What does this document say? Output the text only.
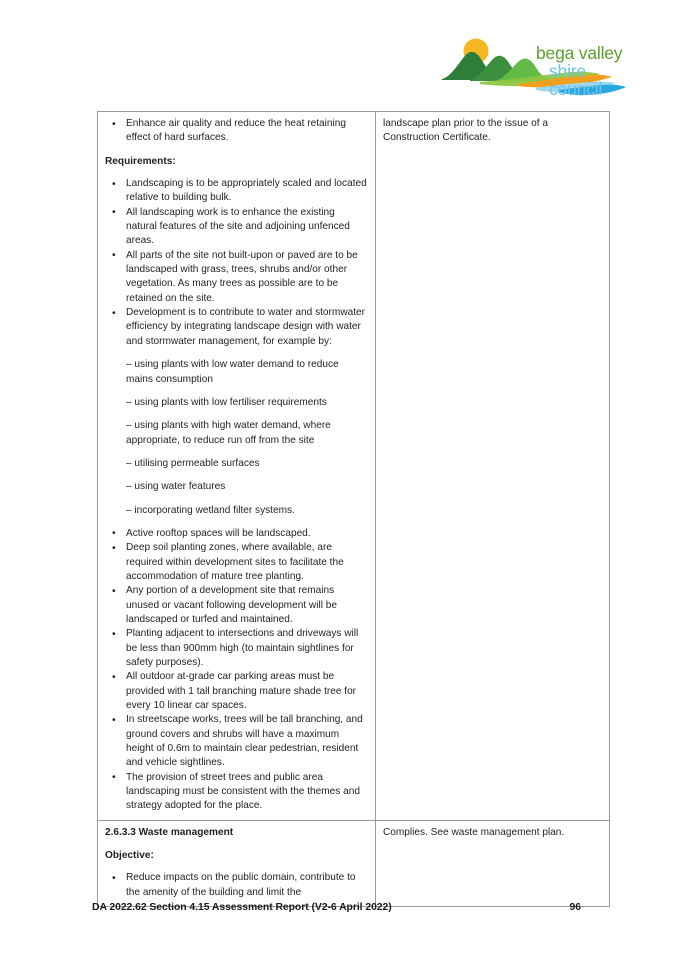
bega valley
shire council
• Enhance air quality and reduce the heat retaining effect of hard surfaces.
Requirements:
• Landscaping is to be appropriately scaled and located relative to building bulk.
• All landscaping work is to enhance the existing natural features of the site and adjoining unfenced areas.
• All parts of the site not built-upon or paved are to be landscaped with grass, trees, shrubs and/or other vegetation. As many trees as possible are to be retained on the site.
• Development is to contribute to water and stormwater efficiency by integrating landscape design with water and stormwater management, for example by:
– using plants with low water demand to reduce mains consumption
– using plants with low fertiliser requirements
– using plants with high water demand, where appropriate, to reduce run off from the site
– utilising permeable surfaces
– using water features
– incorporating wetland filter systems.
• Active rooftop spaces will be landscaped.
• Deep soil planting zones, where available, are required within development sites to facilitate the accommodation of mature tree planting.
• Any portion of a development site that remains unused or vacant following development will be landscaped or turfed and maintained.
• Planting adjacent to intersections and driveways will be less than 900mm high (to maintain sightlines for safety purposes).
• All outdoor at-grade car parking areas must be provided with 1 tall branching mature shade tree for every 10 linear car spaces.
• In streetscape works, trees will be tall branching, and ground covers and shrubs will have a maximum height of 0.6m to maintain clear pedestrian, resident and vehicle sightlines.
• The provision of street trees and public area landscaping must be consistent with the themes and strategy adopted for the place.

landscape plan prior to the issue of a Construction Certificate.

2.6.3.3 Waste management
Objective:
• Reduce impacts on the public domain, contribute to the amenity of the building and limit the

Complies. See waste management plan.
DA 2022.62 Section 4.15 Assessment Report (V2-6 April 2022)	96
